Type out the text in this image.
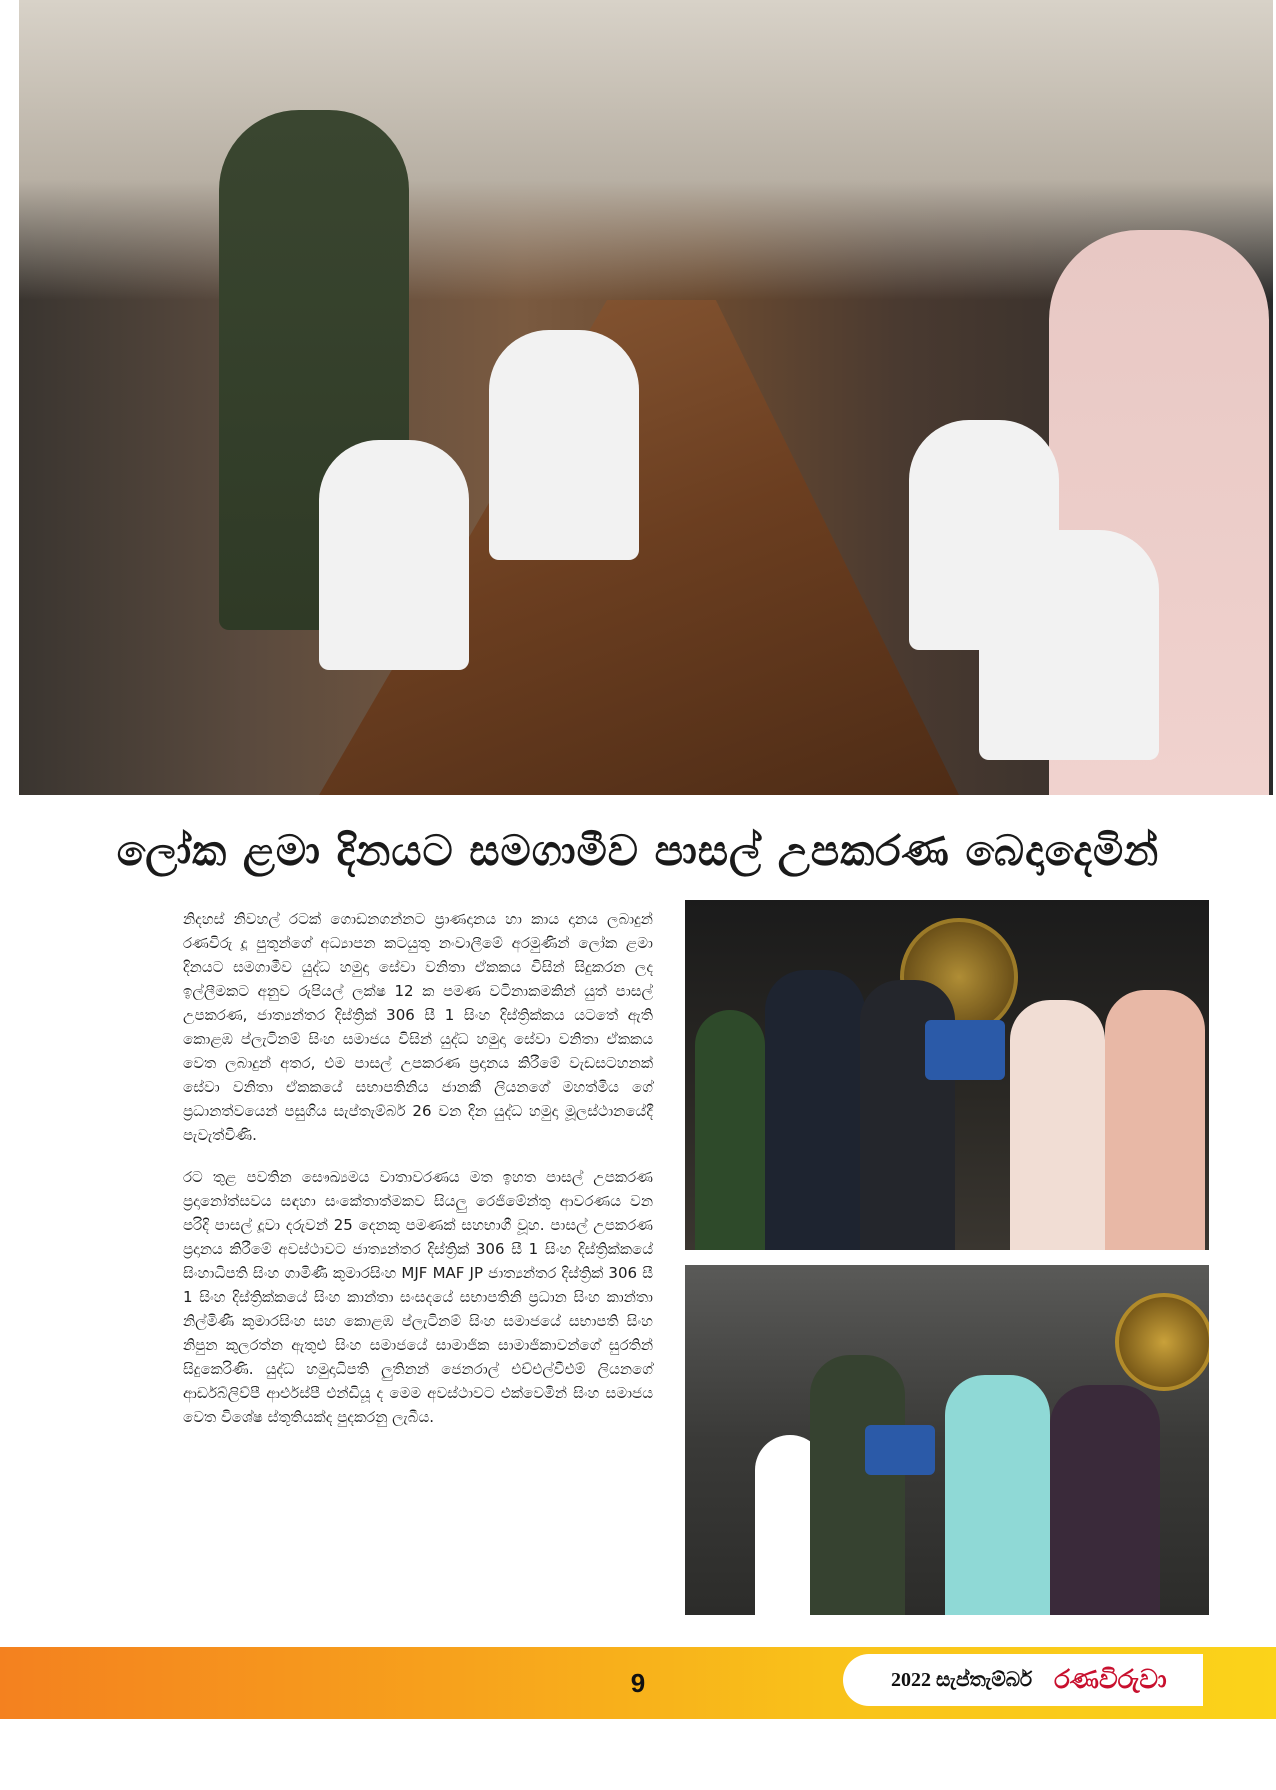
ලෝක ළමා දිනයට සමගාමීව පාසල් උපකරණ බෙදාදෙමින්

නිදහස් නිවහල් රටක් ගොඩනගන්නට ප්‍රාණදානය හා කාය දානය ලබාදුන් රණවිරු දූ පුතුන්ගේ අධ්‍යාපන කටයුතු නංවාලීමේ අරමුණින් ලෝක ළමා දිනයට සමගාමීව යුද්ධ හමුදා සේවා වනිතා ඒකකය විසින් සිදුකරන ලද ඉල්ලීමකට අනුව රුපියල් ලක්ෂ 12 ක පමණ වටිනාකමකින් යුත් පාසල් උපකරණ, ජාත්‍යන්තර දිස්ත්‍රික් 306 සී 1 සිංහ දිස්ත්‍රික්කය යටතේ ඇති කොළඹ ප්ලැටිනම් සිංහ සමාජය විසින් යුද්ධ හමුදා සේවා වනිතා ඒකකය වෙත ලබාදුන් අතර, එම පාසල් උපකරණ ප්‍රදානය කිරීමේ වැඩසටහනක් සේවා වනිතා ඒකකයේ සභාපතිනිය ජානකී ලියනගේ මහත්මිය ගේ ප්‍රධානත්වයෙන් පසුගිය සැප්තැම්බර් 26 වන දින යුද්ධ හමුදා මූලස්ථානයේදී පැවැත්විණි.

රට තුළ පවතින සෞඛ්‍යමය වාතාවරණය මත ඉහත පාසල් උපකරණ ප්‍රදානෝත්සවය සඳහා සංකේතාත්මකව සියලු රෙජිමේන්තු ආවරණය වන පරිදි පාසල් දූවා දරුවන් 25 දෙනකු පමණක් සහභාගී වූහ. පාසල් උපකරණ ප්‍රදානය කිරීමේ අවස්ථාවට ජාත්‍යන්තර දිස්ත්‍රික් 306 සී 1 සිංහ දිස්ත්‍රික්කයේ සිංහාධිපති සිංහ ගාමිණී කුමාරසිංහ MJF MAF JP ජාත්‍යන්තර දිස්ත්‍රික් 306 සී 1 සිංහ දිස්ත්‍රික්කයේ සිංහ කාන්තා සංසදයේ සභාපතිනි ප්‍රධාන සිංහ කාන්තා නිල්මිණී කුමාරසිංහ සහ කොළඹ ප්ලැටිනම් සිංහ සමාජයේ සභාපති සිංහ නිපුන කුලරත්න ඇතුළු සිංහ සමාජයේ සාමාජික සාමාජිකාවන්ගේ සුරතින් සිදුකෙරිණි. යුද්ධ හමුදාධිපති ලුතිනන් ජෙනරාල් එච්එල්වීඑම් ලියනගේ ආර්ඩබ්ලිව්පී ආර්එස්පී එන්ඩියූ ද මෙම අවස්ථාවට එක්වෙමින් සිංහ සමාජය වෙත විශේෂ ස්තූතියක්ද පුදකරනු ලැබීය.

9	2022 සැප්තැම්බර් රණවිරුවා
